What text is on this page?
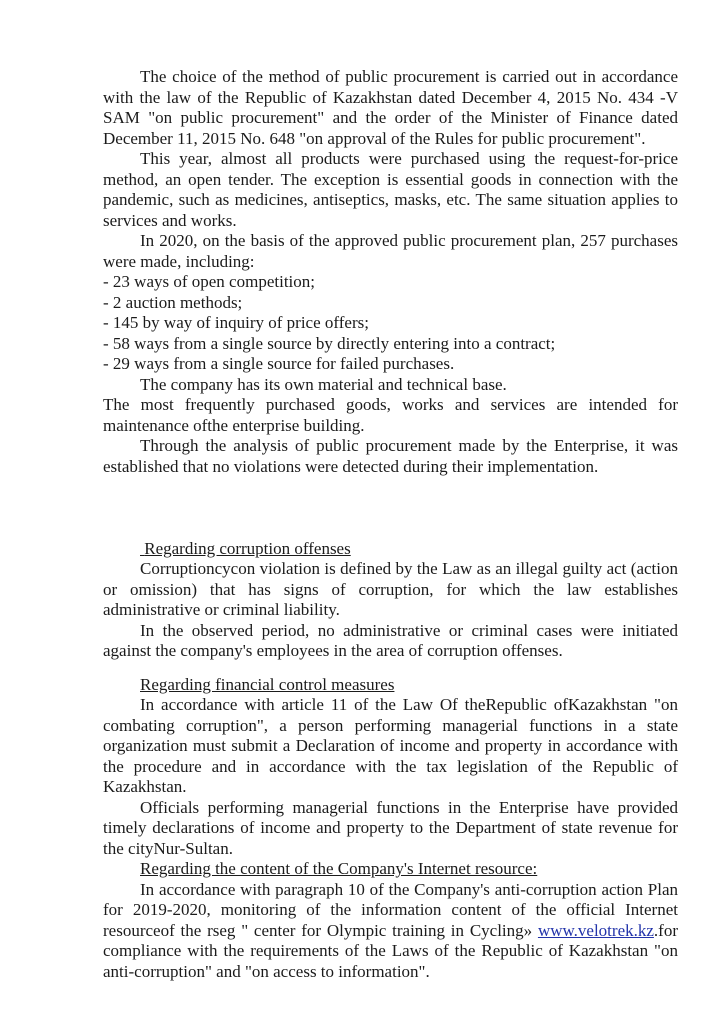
The choice of the method of public procurement is carried out in accordance with the law of the Republic of Kazakhstan dated December 4, 2015 No. 434 -V SAM "on public procurement" and the order of the Minister of Finance dated December 11, 2015 No. 648 "on approval of the Rules for public procurement".
This year, almost all products were purchased using the request-for-price method, an open tender. The exception is essential goods in connection with the pandemic, such as medicines, antiseptics, masks, etc. The same situation applies to services and works.
In 2020, on the basis of the approved public procurement plan, 257 purchases were made, including:
- 23 ways of open competition;
- 2 auction methods;
- 145 by way of inquiry of price offers;
- 58 ways from a single source by directly entering into a contract;
- 29 ways from a single source for failed purchases.
The company has its own material and technical base.
The most frequently purchased goods, works and services are intended for maintenance ofthe enterprise building.
Through the analysis of public procurement made by the Enterprise, it was established that no violations were detected during their implementation.
Regarding corruption offenses
Corruptioncycon violation is defined by the Law as an illegal guilty act (action or omission) that has signs of corruption, for which the law establishes administrative or criminal liability.
In the observed period, no administrative or criminal cases were initiated against the company's employees in the area of corruption offenses.
Regarding financial control measures
In accordance with article 11 of the Law Of theRepublic ofKazakhstan "on combating corruption", a person performing managerial functions in a state organization must submit a Declaration of income and property in accordance with the procedure and in accordance with the tax legislation of the Republic of Kazakhstan.
Officials performing managerial functions in the Enterprise have provided timely declarations of income and property to the Department of state revenue for the cityNur-Sultan.
Regarding the content of the Company's Internet resource:
In accordance with paragraph 10 of the Company's anti-corruption action Plan for 2019-2020, monitoring of the information content of the official Internet resourceof the rseg " center for Olympic training in Cycling» www.velotrek.kz.for compliance with the requirements of the Laws of the Republic of Kazakhstan "on anti-corruption" and "on access to information".
